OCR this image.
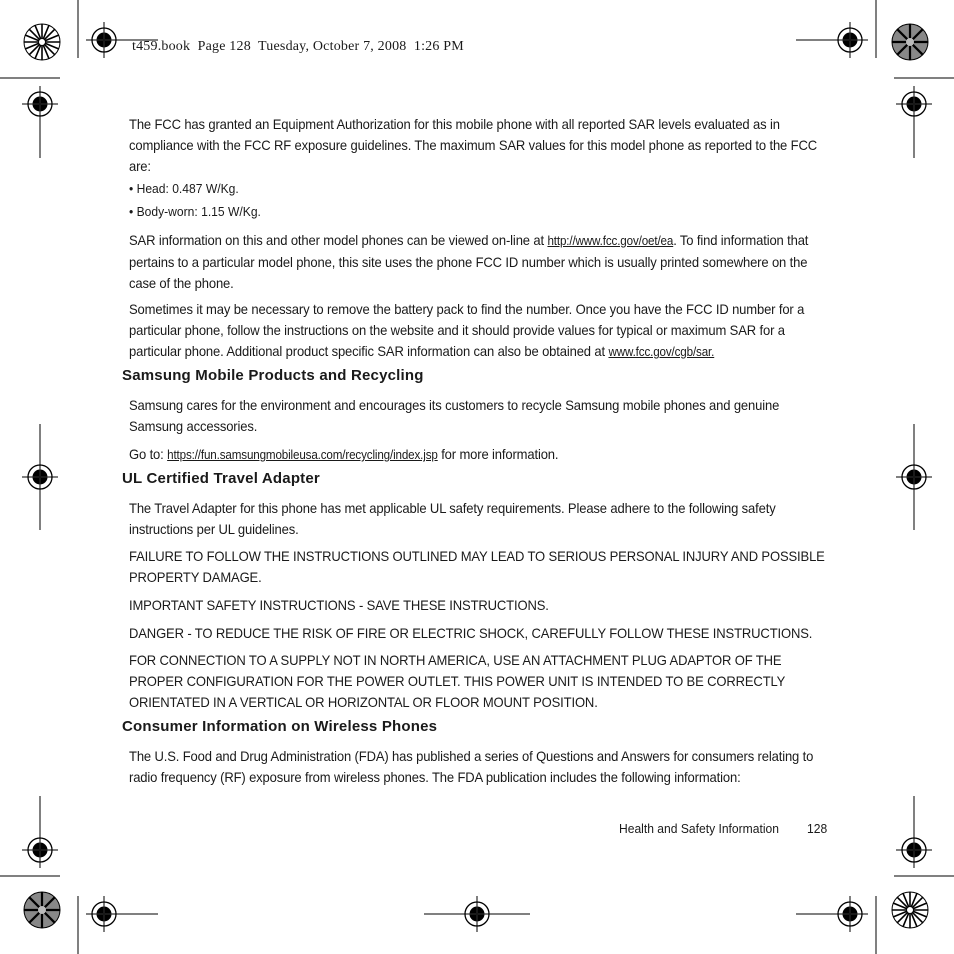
t459.book  Page 128  Tuesday, October 7, 2008  1:26 PM
The FCC has granted an Equipment Authorization for this mobile phone with all reported SAR levels evaluated as in compliance with the FCC RF exposure guidelines. The maximum SAR values for this model phone as reported to the FCC are:
• Head: 0.487 W/Kg.
• Body-worn: 1.15 W/Kg.
SAR information on this and other model phones can be viewed on-line at http://www.fcc.gov/oet/ea. To find information that pertains to a particular model phone, this site uses the phone FCC ID number which is usually printed somewhere on the case of the phone.
Sometimes it may be necessary to remove the battery pack to find the number. Once you have the FCC ID number for a particular phone, follow the instructions on the website and it should provide values for typical or maximum SAR for a particular phone. Additional product specific SAR information can also be obtained at www.fcc.gov/cgb/sar.
Samsung Mobile Products and Recycling
Samsung cares for the environment and encourages its customers to recycle Samsung mobile phones and genuine Samsung accessories.
Go to: https://fun.samsungmobileusa.com/recycling/index.jsp for more information.
UL Certified Travel Adapter
The Travel Adapter for this phone has met applicable UL safety requirements. Please adhere to the following safety instructions per UL guidelines.
FAILURE TO FOLLOW THE INSTRUCTIONS OUTLINED MAY LEAD TO SERIOUS PERSONAL INJURY AND POSSIBLE PROPERTY DAMAGE.
IMPORTANT SAFETY INSTRUCTIONS - SAVE THESE INSTRUCTIONS.
DANGER - TO REDUCE THE RISK OF FIRE OR ELECTRIC SHOCK, CAREFULLY FOLLOW THESE INSTRUCTIONS.
FOR CONNECTION TO A SUPPLY NOT IN NORTH AMERICA, USE AN ATTACHMENT PLUG ADAPTOR OF THE PROPER CONFIGURATION FOR THE POWER OUTLET. THIS POWER UNIT IS INTENDED TO BE CORRECTLY ORIENTATED IN A VERTICAL OR HORIZONTAL OR FLOOR MOUNT POSITION.
Consumer Information on Wireless Phones
The U.S. Food and Drug Administration (FDA) has published a series of Questions and Answers for consumers relating to radio frequency (RF) exposure from wireless phones. The FDA publication includes the following information:
Health and Safety Information 128
